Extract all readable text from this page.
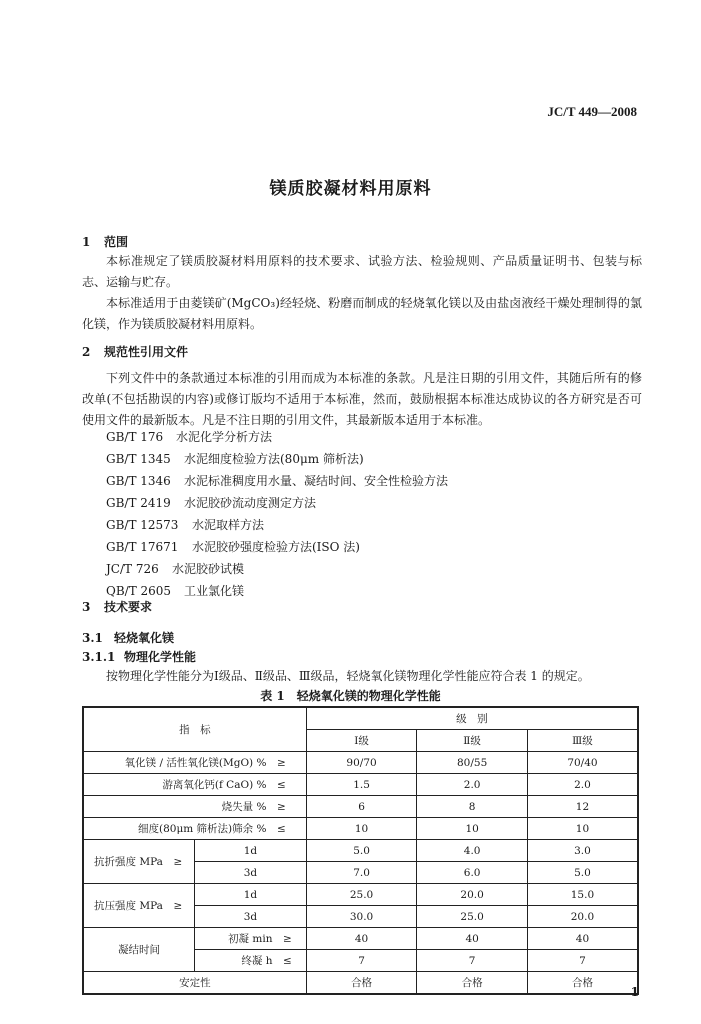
JC/T 449—2008
镁质胶凝材料用原料
1 范围
本标准规定了镁质胶凝材料用原料的技术要求、试验方法、检验规则、产品质量证明书、包装与标志、运输与贮存。
本标准适用于由菱镁矿(MgCO₃)经轻烧、粉磨而制成的轻烧氧化镁以及由盐卤液经干燥处理制得的氯化镁，作为镁质胶凝材料用原料。
2 规范性引用文件
下列文件中的条款通过本标准的引用而成为本标准的条款。凡是注日期的引用文件，其随后所有的修改单(不包括勘误的内容)或修订版均不适用于本标准，然而，鼓励根据本标准达成协议的各方研究是否可使用文件的最新版本。凡是不注日期的引用文件，其最新版本适用于本标准。
GB/T 176 水泥化学分析方法
GB/T 1345 水泥细度检验方法(80μm 筛析法)
GB/T 1346 水泥标准稠度用水量、凝结时间、安全性检验方法
GB/T 2419 水泥胶砂流动度测定方法
GB/T 12573 水泥取样方法
GB/T 17671 水泥胶砂强度检验方法(ISO 法)
JC/T 726 水泥胶砂试模
QB/T 2605 工业氯化镁
3 技术要求
3.1 轻烧氧化镁
3.1.1 物理化学性能
按物理化学性能分为Ⅰ级品、Ⅱ级品、Ⅲ级品，轻烧氧化镁物理化学性能应符合表 1 的规定。
表 1　轻烧氧化镁的物理化学性能
指　标		级　别		
		Ⅰ级	Ⅱ级	Ⅲ级
氧化镁 / 活性氧化镁(MgO) %　≥		90/70	80/55	70/40
游离氧化钙(f CaO) %　≤		1.5	2.0	2.0
烧失量 %　≥		6	8	12
细度(80μm 筛析法)筛余 %　≤		10	10	10
抗折强度 MPa　≥	1d	5.0	4.0	3.0
	3d	7.0	6.0	5.0
抗压强度 MPa　≥	1d	25.0	20.0	15.0
	3d	30.0	25.0	20.0
凝结时间	初凝 min　≥	40	40	40
	终凝 h　≤	7	7	7
安定性		合格	合格	合格
1
